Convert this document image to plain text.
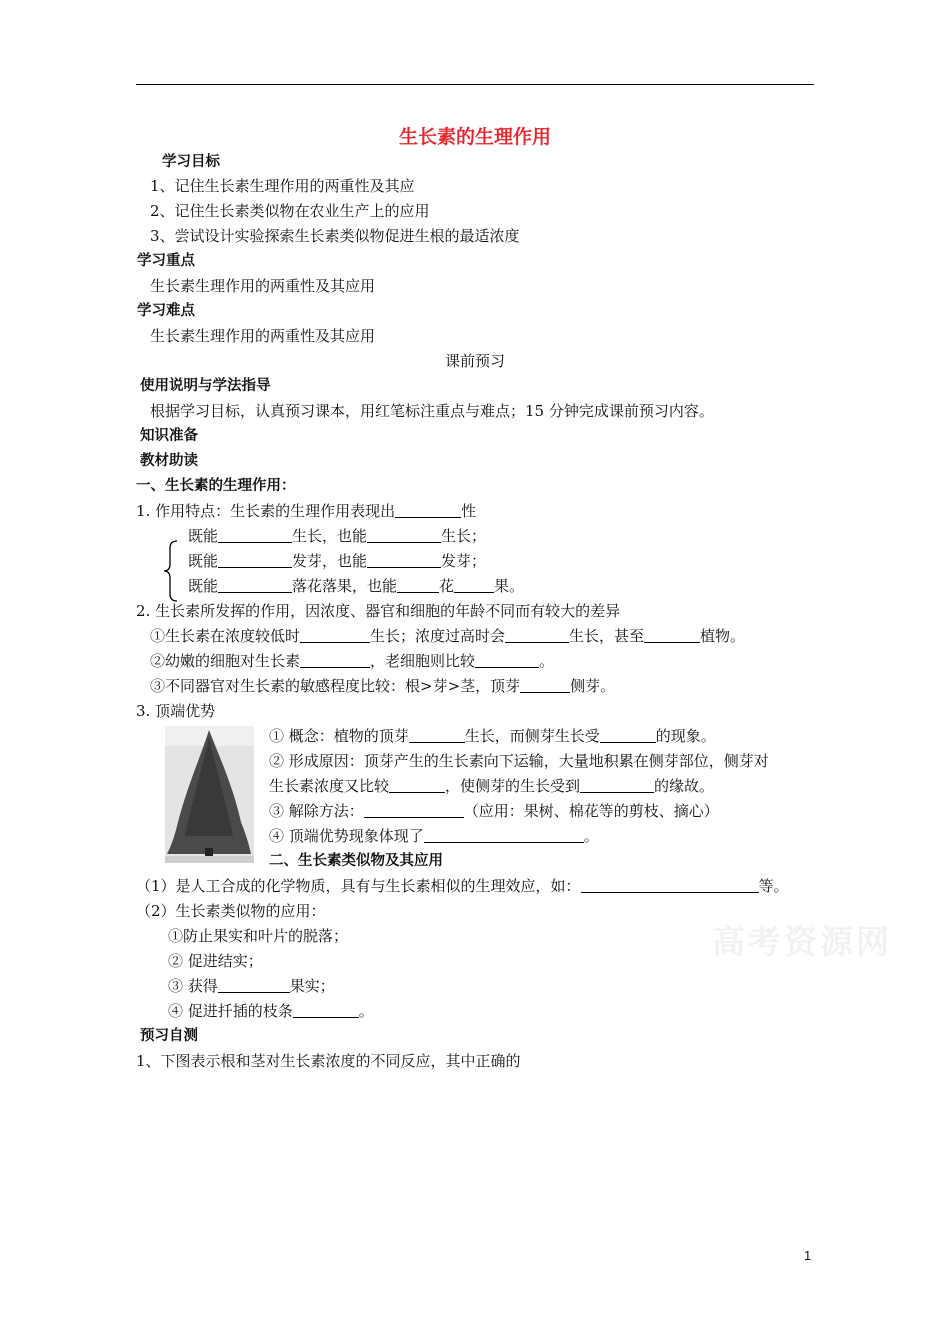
生长素的生理作用
学习目标
1、记住生长素生理作用的两重性及其应
2、记住生长素类似物在农业生产上的应用
3、尝试设计实验探索生长素类似物促进生根的最适浓度
学习重点
生长素生理作用的两重性及其应用
学习难点
生长素生理作用的两重性及其应用
课前预习
使用说明与学法指导
根据学习目标，认真预习课本，用红笔标注重点与难点；15 分钟完成课前预习内容。
知识准备
教材助读
一、生长素的生理作用：
1. 作用特点：生长素的生理作用表现出	性
既能	生长，也能	生长；
既能	发芽，也能	发芽；
既能	落花落果，也能	花	果。
2. 生长素所发挥的作用，因浓度、器官和细胞的年龄不同而有较大的差异
①生长素在浓度较低时	生长；浓度过高时会	生长，甚至	植物。
②幼嫩的细胞对生长素	，老细胞则比较	。
③不同器官对生长素的敏感程度比较：根>芽>茎，顶芽	侧芽。
3. 顶端优势
① 概念：植物的顶芽	生长，而侧芽生长受	的现象。
② 形成原因：顶芽产生的生长素向下运输，大量地积累在侧芽部位，侧芽对
生长素浓度又比较	，使侧芽的生长受到	的缘故。
③ 解除方法：	（应用：果树、棉花等的剪枝、摘心）
④ 顶端优势现象体现了	。
二、生长素类似物及其应用
（1）是人工合成的化学物质，具有与生长素相似的生理效应，如：	等。
（2）生长素类似物的应用：
①防止果实和叶片的脱落；
② 促进结实；
③ 获得	果实；
④ 促进扦插的枝条	。
预习自测
1、下图表示根和茎对生长素浓度的不同反应，其中正确的
高考资源网
1
